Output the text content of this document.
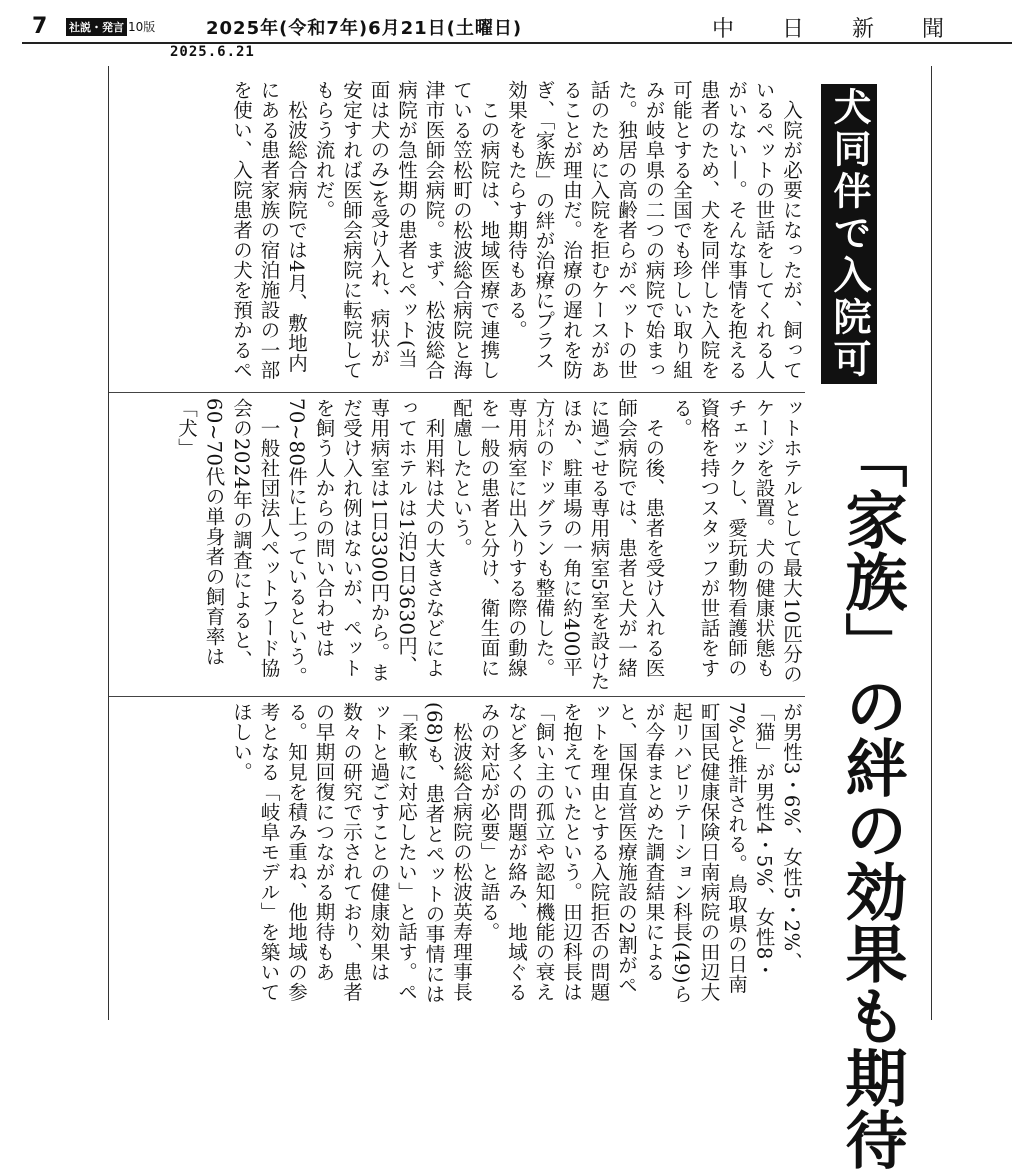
7 社説・発言 10版	2025年(令和7年)6月21日(土曜日)	中日新聞
2025.6.21
犬同伴で入院可
「家族」の絆の効果も期待

入院が必要になったが、飼っているペットの世話をしてくれる人がいない—。そんな事情を抱える患者のため、犬を同伴した入院を可能とする全国でも珍しい取り組みが岐阜県の二つの病院で始まった。独居の高齢者らがペットの世話のために入院を拒むケースがあることが理由だ。治療の遅れを防ぎ、「家族」の絆が治療にプラス効果をもたらす期待もある。

この病院は、地域医療で連携している笠松町の松波総合病院と海津市医師会病院。まず、松波総合病院が急性期の患者とペット(当面は犬のみ)を受け入れ、病状が安定すれば医師会病院に転院してもらう流れだ。

松波総合病院では4月、敷地内にある患者家族の宿泊施設の一部を使い、入院患者の犬を預かるペ

ットホテルとして最大10匹分のケージを設置。犬の健康状態もチェックし、愛玩動物看護師の資格を持つスタッフが世話をする。

その後、患者を受け入れる医師会病院では、患者と犬が一緒に過ごせる専用病室5室を設けたほか、駐車場の一角に約400平方㍍のドッグランも整備した。専用病室に出入りする際の動線を一般の患者と分け、衛生面に配慮したという。

利用料は犬の大きさなどによってホテルは1泊2日3630円、専用病室は1日3300円から。まだ受け入れ例はないが、ペットを飼う人からの問い合わせは70~80件に上っているという。

一般社団法人ペットフード協会の2024年の調査によると、60~70代の単身者の飼育率は「犬」

が男性3・6%、女性5・2%、「猫」が男性4・5%、女性8・7%と推計される。鳥取県の日南町国民健康保険日南病院の田辺大起リハビリテーション科長(49)らが今春まとめた調査結果によると、国保直営医療施設の2割がペットを理由とする入院拒否の問題を抱えていたという。田辺科長は「飼い主の孤立や認知機能の衰えなど多くの問題が絡み、地域ぐるみの対応が必要」と語る。

松波総合病院の松波英寿理事長(68)も、患者とペットの事情には「柔軟に対応したい」と話す。ペットと過ごすことの健康効果は数々の研究で示されており、患者の早期回復につながる期待もある。知見を積み重ね、他地域の参考となる「岐阜モデル」を築いてほしい。
